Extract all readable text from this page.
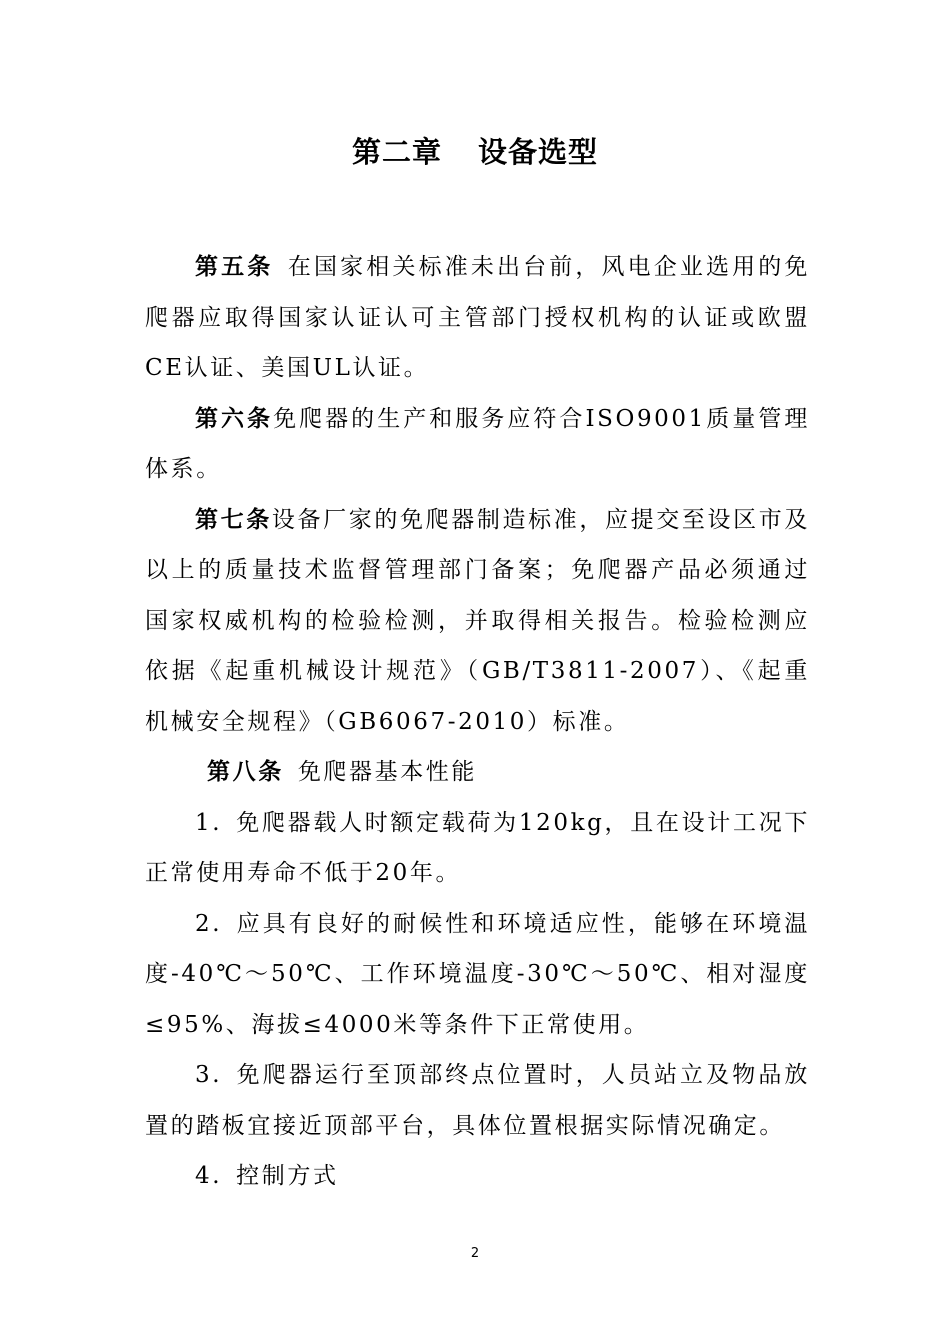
第二章 设备选型

第五条 在国家相关标准未出台前，风电企业选用的免爬器应取得国家认证认可主管部门授权机构的认证或欧盟CE认证、美国UL认证。

第六条免爬器的生产和服务应符合ISO9001质量管理体系。

第七条设备厂家的免爬器制造标准，应提交至设区市及以上的质量技术监督管理部门备案；免爬器产品必须通过国家权威机构的检验检测，并取得相关报告。检验检测应依据《起重机械设计规范》（GB/T3811-2007）、《起重机械安全规程》（GB6067-2010）标准。

第八条 免爬器基本性能

1. 免爬器载人时额定载荷为120kg，且在设计工况下正常使用寿命不低于20年。

2. 应具有良好的耐候性和环境适应性，能够在环境温度-40℃～50℃、工作环境温度-30℃～50℃、相对湿度≤95%、海拔≤4000米等条件下正常使用。

3. 免爬器运行至顶部终点位置时，人员站立及物品放置的踏板宜接近顶部平台，具体位置根据实际情况确定。

4. 控制方式

2
